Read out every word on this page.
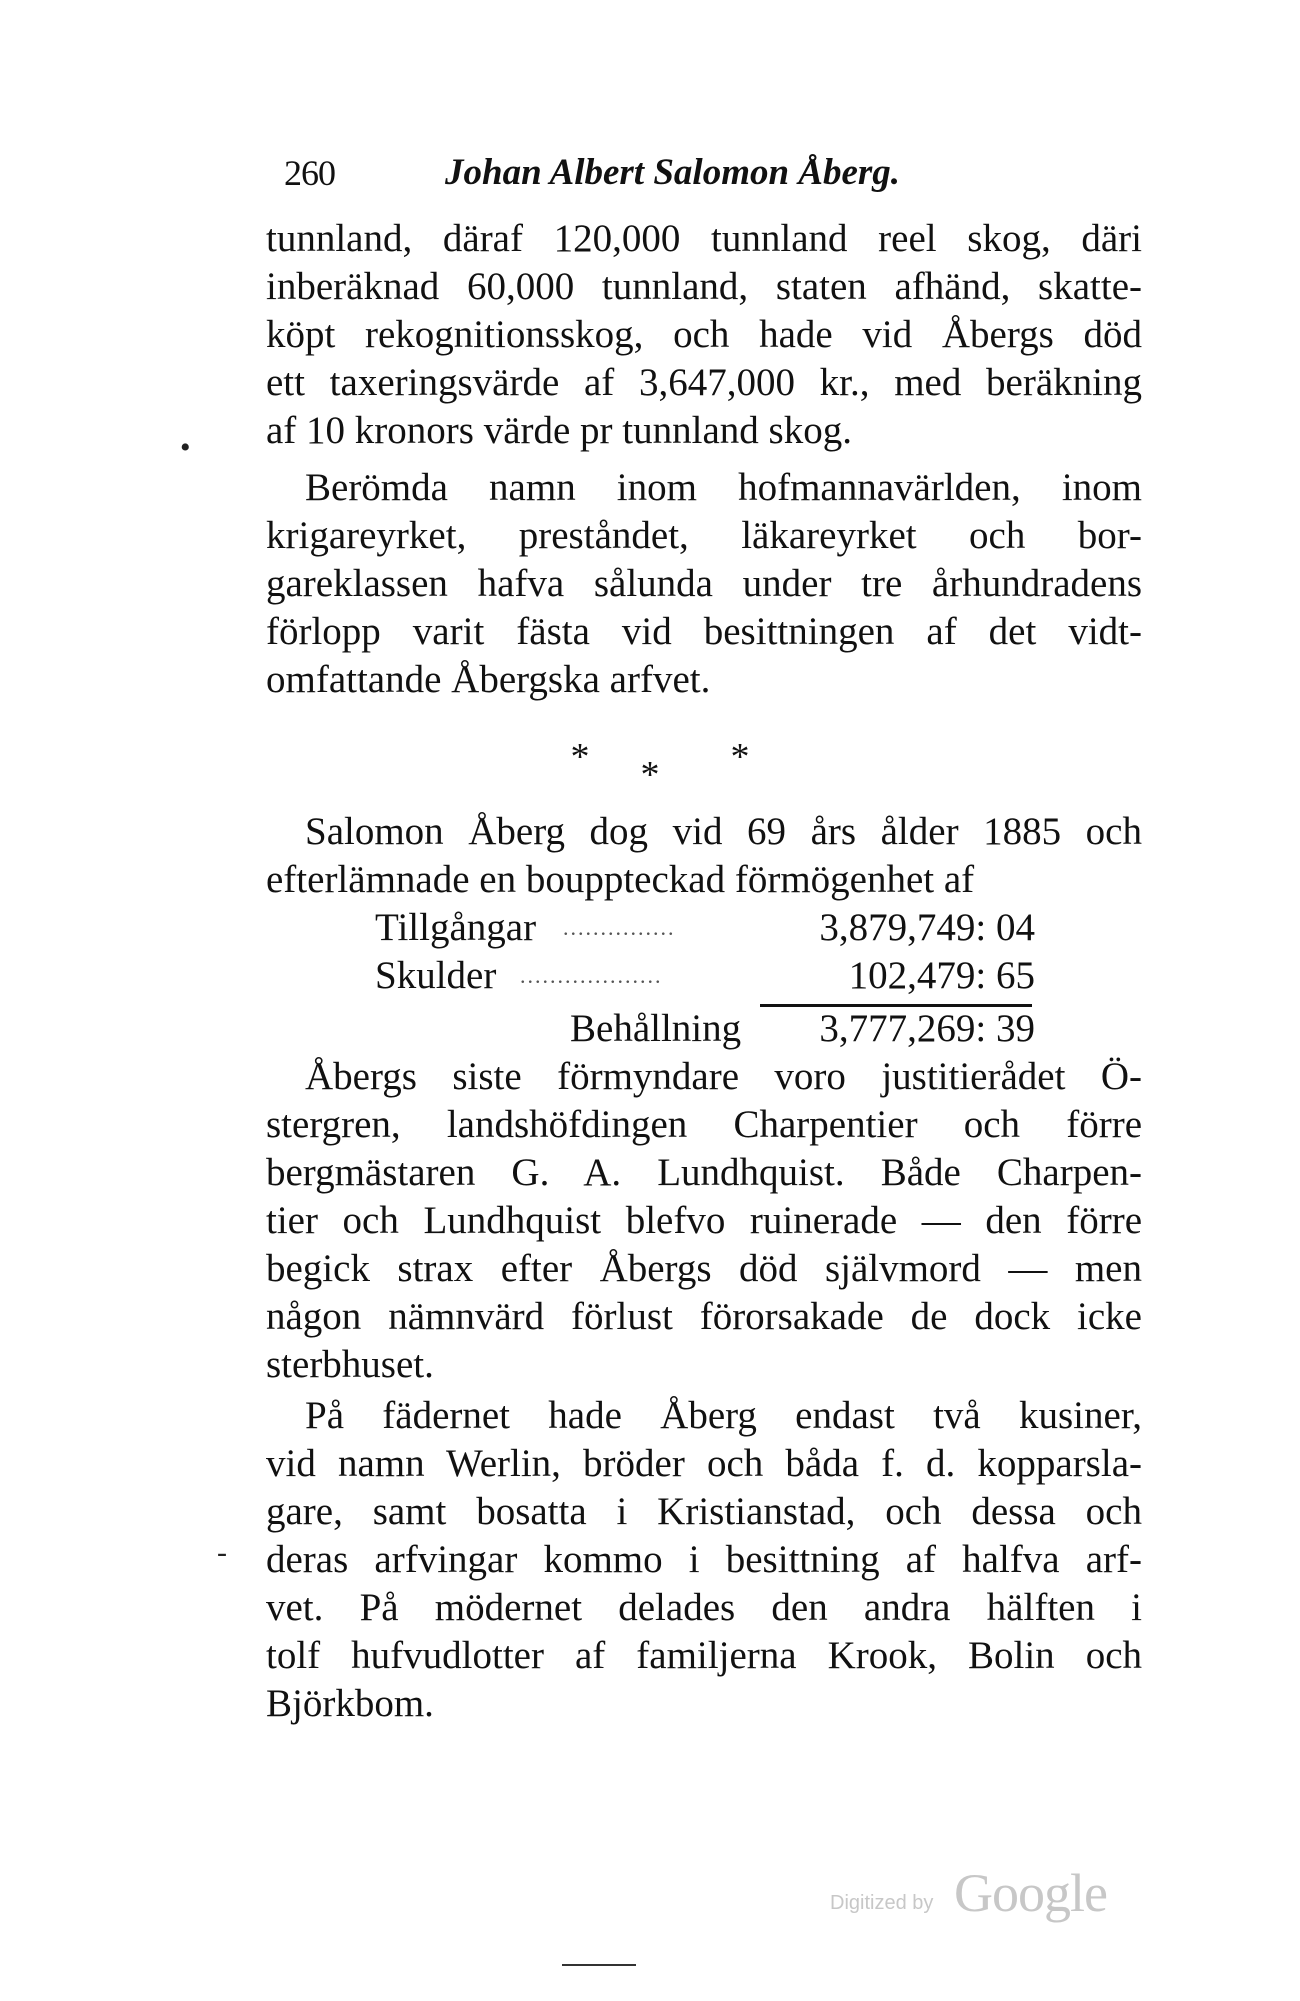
260	Johan Albert Salomon Åberg.
•
tunnland, däraf 120,000 tunnland reel skog, däri
inberäknad 60,000 tunnland, staten afhänd, skatte-
köpt rekognitionsskog, och hade vid Åbergs död
ett taxeringsvärde af 3,647,000 kr., med beräkning
af 10 kronors värde pr tunnland skog.
Berömda namn inom hofmannavärlden, inom
krigareyrket, preståndet, läkareyrket och bor-
gareklassen hafva sålunda under tre århundradens
förlopp varit fästa vid besittningen af det vidt-
omfattande Åbergska arfvet.
* * *
Salomon Åberg dog vid 69 års ålder 1885 och
efterlämnade en bouppteckad förmögenhet af
Tillgångar ...............	3,879,749: 04
Skulder ...................	102,479: 65
Behållning	3,777,269: 39
Åbergs siste förmyndare voro justitierådet Ö-
stergren, landshöfdingen Charpentier och förre
bergmästaren G. A. Lundhquist. Både Charpen-
tier och Lundhquist blefvo ruinerade — den förre
begick strax efter Åbergs död självmord — men
någon nämnvärd förlust förorsakade de dock icke
sterbhuset.
På fädernet hade Åberg endast två kusiner,
vid namn Werlin, bröder och båda f. d. kopparsla-
gare, samt bosatta i Kristianstad, och dessa och
- deras arfvingar kommo i besittning af halfva arf-
vet. På mödernet delades den andra hälften i
tolf hufvudlotter af familjerna Krook, Bolin och
Björkbom.
Digitized by Google
